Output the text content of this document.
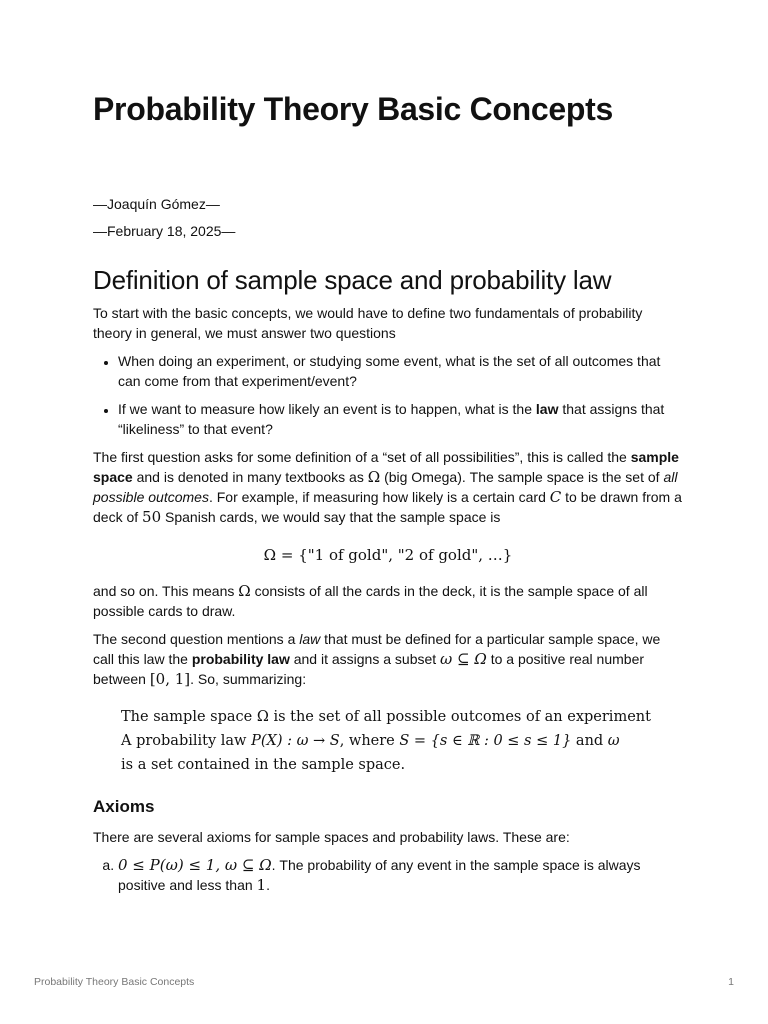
Probability Theory Basic Concepts
—Joaquín Gómez—
—February 18, 2025—
Definition of sample space and probability law

To start with the basic concepts, we would have to define two fundamentals of probability theory in general, we must answer two questions

• When doing an experiment, or studying some event, what is the set of all outcomes that can come from that experiment/event?
• If we want to measure how likely an event is to happen, what is the law that assigns that “likeliness” to that event?

The first question asks for some definition of a “set of all possibilities”, this is called the sample space and is denoted in many textbooks as Ω (big Omega). The sample space is the set of all possible outcomes. For example, if measuring how likely is a certain card C to be drawn from a deck of 50 Spanish cards, we would say that the sample space is

Ω = {"1 of gold", "2 of gold", …}

and so on. This means Ω consists of all the cards in the deck, it is the sample space of all possible cards to draw.

The second question mentions a law that must be defined for a particular sample space, we call this law the probability law and it assigns a subset ω ⊆ Ω to a positive real number between [0, 1]. So, summarizing:

The sample space Ω is the set of all possible outcomes of an experiment
A probability law P(X) : ω → S, where S = {s ∈ ℝ : 0 ≤ s ≤ 1} and ω
is a set contained in the sample space.
Axioms

There are several axioms for sample spaces and probability laws. These are:

a. 0 ≤ P(ω) ≤ 1, ω ⊆ Ω. The probability of any event in the sample space is always positive and less than 1.
Probability Theory Basic Concepts	1
